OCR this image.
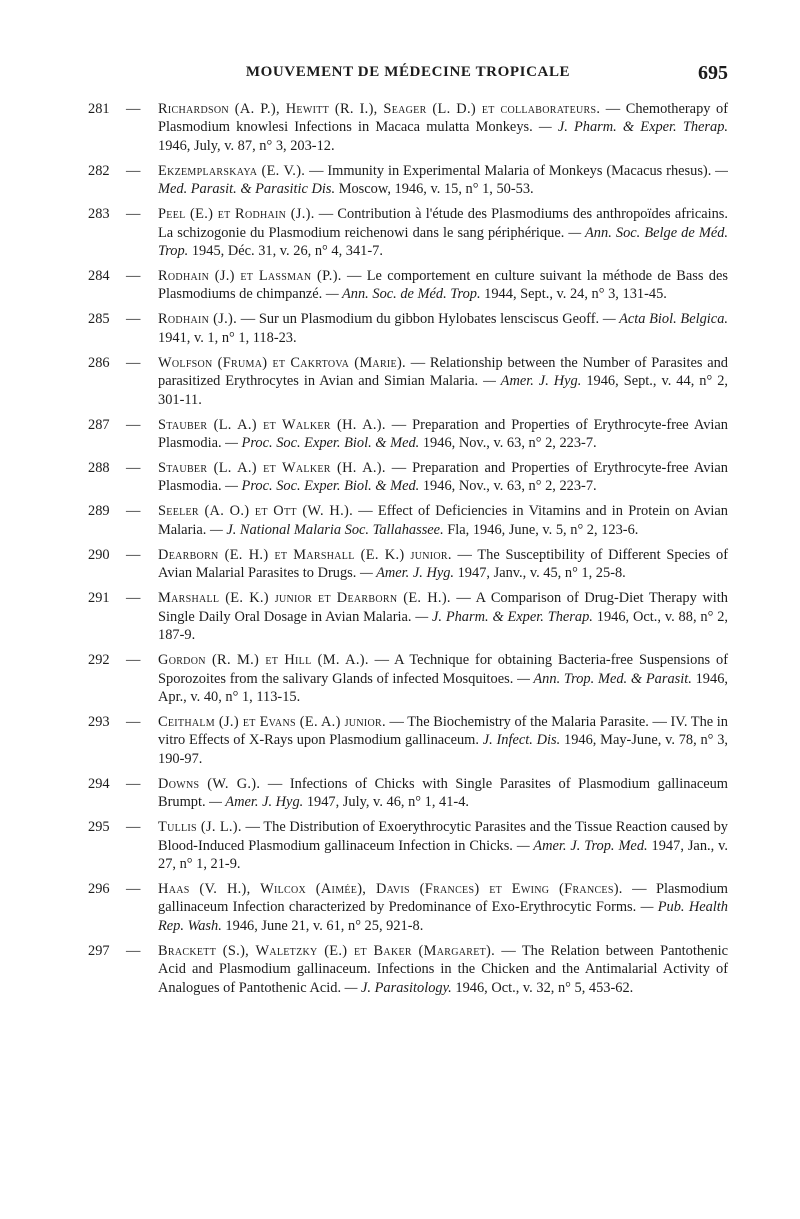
MOUVEMENT DE MÉDECINE TROPICALE	695
281	— Richardson (A. P.), Hewitt (R. I.), Seager (L. D.) et collaborateurs. — Chemotherapy of Plasmodium knowlesi Infections in Macaca mulatta Monkeys. — J. Pharm. & Exper. Therap. 1946, July, v. 87, n° 3, 203-12.
282	— Ekzemplarskaya (E. V.). — Immunity in Experimental Malaria of Monkeys (Macacus rhesus). — Med. Parasit. & Parasitic Dis. Moscow, 1946, v. 15, n° 1, 50-53.
283	— Peel (E.) et Rodhain (J.). — Contribution à l'étude des Plasmodiums des anthropoïdes africains. La schizogonie du Plasmodium reichenowi dans le sang périphérique. — Ann. Soc. Belge de Méd. Trop. 1945, Déc. 31, v. 26, n° 4, 341-7.
284	— Rodhain (J.) et Lassman (P.). — Le comportement en culture suivant la méthode de Bass des Plasmodiums de chimpanzé. — Ann. Soc. de Méd. Trop. 1944, Sept., v. 24, n° 3, 131-45.
285	— Rodhain (J.). — Sur un Plasmodium du gibbon Hylobates lensciscus Geoff. — Acta Biol. Belgica. 1941, v. 1, n° 1, 118-23.
286	— Wolfson (Fruma) et Cakrtova (Marie). — Relationship between the Number of Parasites and parasitized Erythrocytes in Avian and Simian Malaria. — Amer. J. Hyg. 1946, Sept., v. 44, n° 2, 301-11.
287	— Stauber (L. A.) et Walker (H. A.). — Preparation and Properties of Erythrocyte-free Avian Plasmodia. — Proc. Soc. Exper. Biol. & Med. 1946, Nov., v. 63, n° 2, 223-7.
288	— Stauber (L. A.) et Walker (H. A.). — Preparation and Properties of Erythrocyte-free Avian Plasmodia. — Proc. Soc. Exper. Biol. & Med. 1946, Nov., v. 63, n° 2, 223-7.
289	— Seeler (A. O.) et Ott (W. H.). — Effect of Deficiencies in Vitamins and in Protein on Avian Malaria. — J. National Malaria Soc. Tallahassee. Fla, 1946, June, v. 5, n° 2, 123-6.
290	— Dearborn (E. H.) et Marshall (E. K.) junior. — The Susceptibility of Different Species of Avian Malarial Parasites to Drugs. — Amer. J. Hyg. 1947, Janv., v. 45, n° 1, 25-8.
291	— Marshall (E. K.) junior et Dearborn (E. H.). — A Comparison of Drug-Diet Therapy with Single Daily Oral Dosage in Avian Malaria. — J. Pharm. & Exper. Therap. 1946, Oct., v. 88, n° 2, 187-9.
292	— Gordon (R. M.) et Hill (M. A.). — A Technique for obtaining Bacteria-free Suspensions of Sporozoites from the salivary Glands of infected Mosquitoes. — Ann. Trop. Med. & Parasit. 1946, Apr., v. 40, n° 1, 113-15.
293	— Ceithalm (J.) et Evans (E. A.) junior. — The Biochemistry of the Malaria Parasite. — IV. The in vitro Effects of X-Rays upon Plasmodium gallinaceum. J. Infect. Dis. 1946, May-June, v. 78, n° 3, 190-97.
294	— Downs (W. G.). — Infections of Chicks with Single Parasites of Plasmodium gallinaceum Brumpt. — Amer. J. Hyg. 1947, July, v. 46, n° 1, 41-4.
295	— Tullis (J. L.). — The Distribution of Exoerythrocytic Parasites and the Tissue Reaction caused by Blood-Induced Plasmodium gallinaceum Infection in Chicks. — Amer. J. Trop. Med. 1947, Jan., v. 27, n° 1, 21-9.
296	— Haas (V. H.), Wilcox (Aimée), Davis (Frances) et Ewing (Frances). — Plasmodium gallinaceum Infection characterized by Predominance of Exo-Erythrocytic Forms. — Pub. Health Rep. Wash. 1946, June 21, v. 61, n° 25, 921-8.
297	— Brackett (S.), Waletzky (E.) et Baker (Margaret). — The Relation between Pantothenic Acid and Plasmodium gallinaceum. Infections in the Chicken and the Antimalarial Activity of Analogues of Pantothenic Acid. — J. Parasitology. 1946, Oct., v. 32, n° 5, 453-62.
